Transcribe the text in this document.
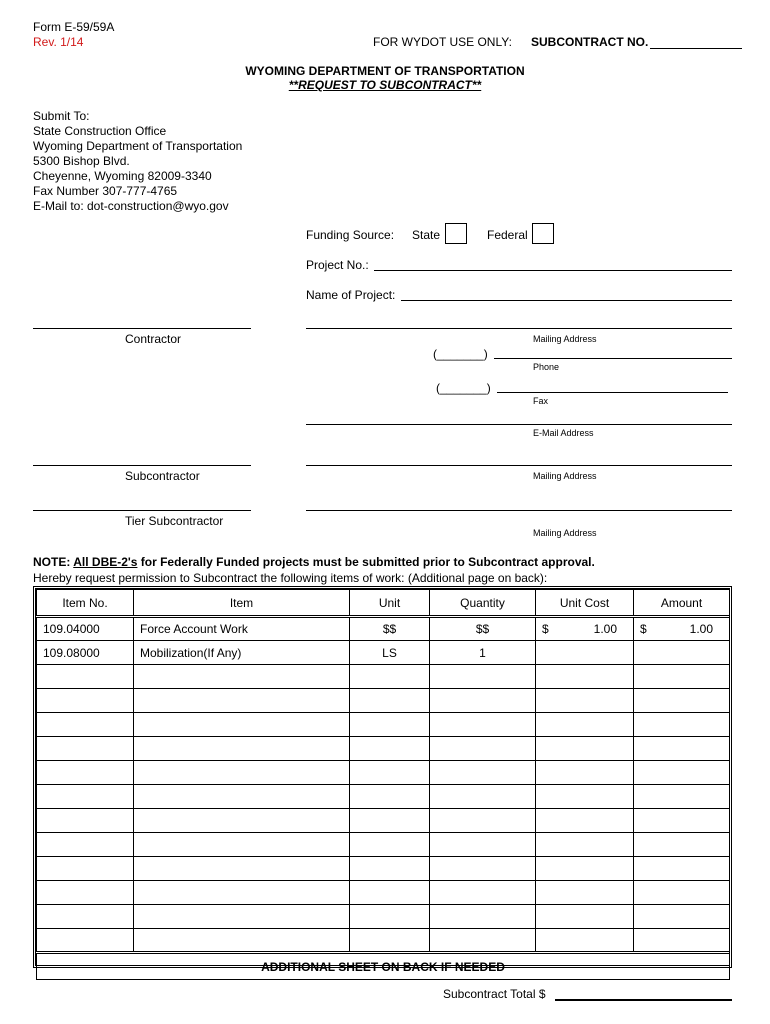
Form E-59/59A
Rev. 1/14	FOR WYDOT USE ONLY: SUBCONTRACT NO.
WYOMING DEPARTMENT OF TRANSPORTATION
**REQUEST TO SUBCONTRACT**
Submit To:
State Construction Office
Wyoming Department of Transportation
5300 Bishop Blvd.
Cheyenne, Wyoming 82009-3340
Fax Number 307-777-4765
E-Mail to: dot-construction@wyo.gov
Funding Source: State	Federal
Project No.:
Name of Project:
Contractor	Mailing Address
(_______)
Phone
(_______)
Fax
E-Mail Address
Subcontractor	Mailing Address
Tier Subcontractor
Mailing Address
NOTE: All DBE-2's for Federally Funded projects must be submitted prior to Subcontract approval.
Hereby request permission to Subcontract the following items of work: (Additional page on back):
Item No.	Item	Unit	Quantity	Unit Cost	Amount
109.04000	Force Account Work	$$	$$	$ 1.00	$ 1.00

109.08000	Mobilization(If Any)	LS	1	

ADDITIONAL SHEET ON BACK IF NEEDED					
Subcontract Total $
